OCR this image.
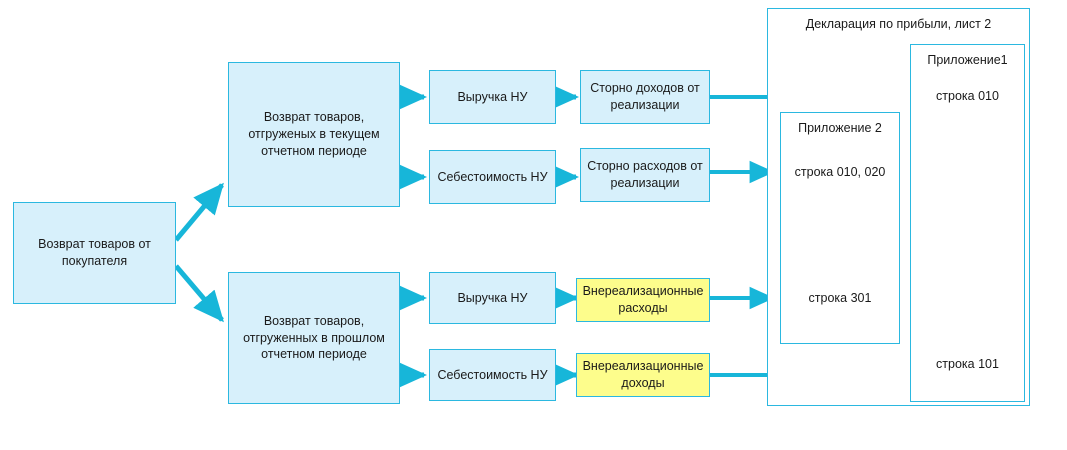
Декларация по прибыли, лист 2
Приложение1
строка 010
строка 101
Приложение 2
строка 010, 020
строка 301
Возврат товаров от покупателя
Возврат товаров, отгруженых в текущем отчетном периоде
Возврат товаров, отгруженных в прошлом отчетном периоде
Выручка НУ
Себестоимость НУ
Сторно доходов от реализации
Сторно расходов от реализации
Выручка НУ
Себестоимость НУ
Внереализационные расходы
Внереализационные доходы
